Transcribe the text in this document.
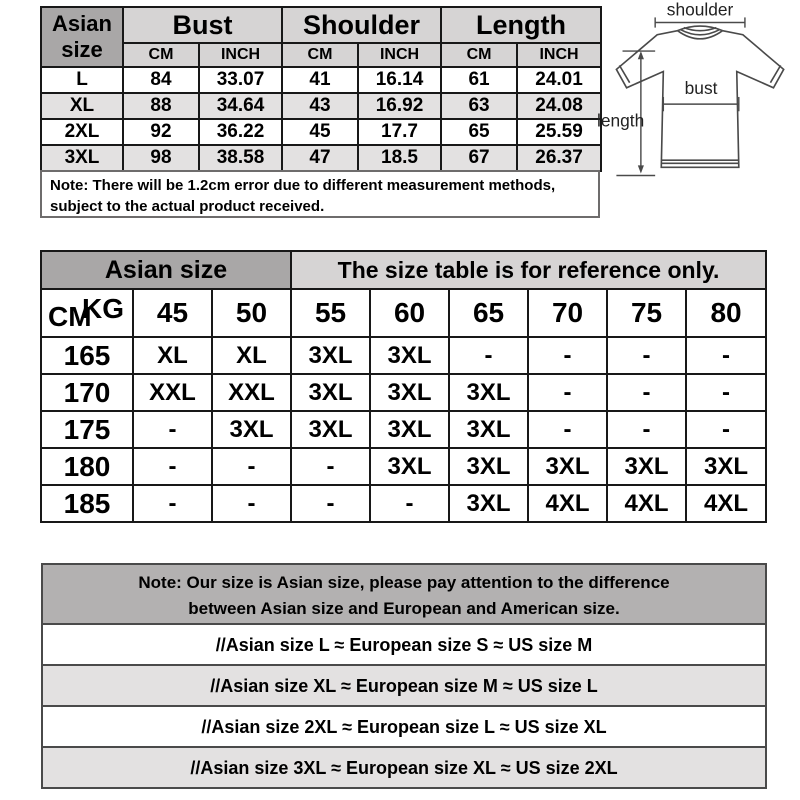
Asian
size	Bust		Shoulder		Length	
	CM	INCH	CM	INCH	CM	INCH
L	84	33.07	41	16.14	61	24.01
XL	88	34.64	43	16.92	63	24.08
2XL	92	36.22	45	17.7	65	25.59
3XL	98	38.58	47	18.5	67	26.37
Note: There will be 1.2cm error due to different measurement methods,
subject to the actual product received.
shoulder
bust
length
Asian size			The size table is for reference only.					

KG
CM	45	50	55	60	65	70	75	80
165	XL	XL	3XL	3XL	-	-	-	-
170	XXL	XXL	3XL	3XL	3XL	-	-	-
175	-	3XL	3XL	3XL	3XL	-	-	-
180	-	-	-	3XL	3XL	3XL	3XL	3XL
185	-	-	-	-	3XL	4XL	4XL	4XL
Note: Our size is Asian size, please pay attention to the difference
between Asian size and European and American size.
//Asian size L ≈ European size S ≈ US size M
//Asian size XL ≈ European size M ≈ US size L
//Asian size 2XL ≈ European size L ≈ US size XL
//Asian size 3XL ≈ European size XL ≈ US size 2XL
